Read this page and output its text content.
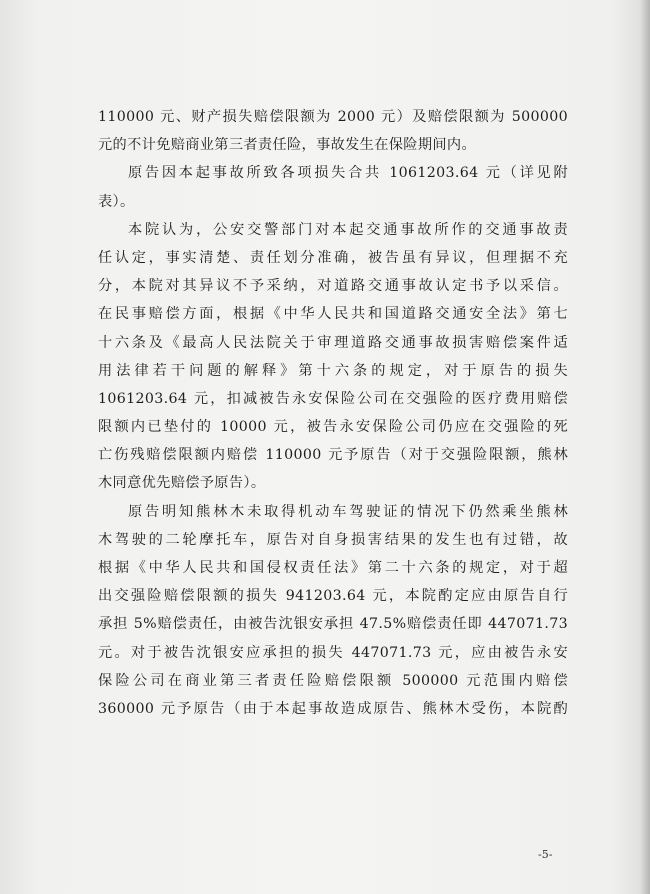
110000 元、财产损失赔偿限额为 2000 元）及赔偿限额为 500000
元的不计免赔商业第三者责任险，事故发生在保险期间内。
原告因本起事故所致各项损失合共 1061203.64 元（详见附
表）。
本院认为，公安交警部门对本起交通事故所作的交通事故责
任认定，事实清楚、责任划分准确，被告虽有异议，但理据不充
分，本院对其异议不予采纳，对道路交通事故认定书予以采信。
在民事赔偿方面，根据《中华人民共和国道路交通安全法》第七
十六条及《最高人民法院关于审理道路交通事故损害赔偿案件适
用法律若干问题的解释》第十六条的规定，对于原告的损失
1061203.64 元，扣减被告永安保险公司在交强险的医疗费用赔偿
限额内已垫付的 10000 元，被告永安保险公司仍应在交强险的死
亡伤残赔偿限额内赔偿 110000 元予原告（对于交强险限额，熊林
木同意优先赔偿予原告）。
原告明知熊林木未取得机动车驾驶证的情况下仍然乘坐熊林
木驾驶的二轮摩托车，原告对自身损害结果的发生也有过错，故
根据《中华人民共和国侵权责任法》第二十六条的规定，对于超
出交强险赔偿限额的损失 941203.64 元，本院酌定应由原告自行
承担 5%赔偿责任，由被告沈银安承担 47.5%赔偿责任即 447071.73
元。对于被告沈银安应承担的损失 447071.73 元，应由被告永安
保险公司在商业第三者责任险赔偿限额 500000 元范围内赔偿
360000 元予原告（由于本起事故造成原告、熊林木受伤，本院酌
-5-
